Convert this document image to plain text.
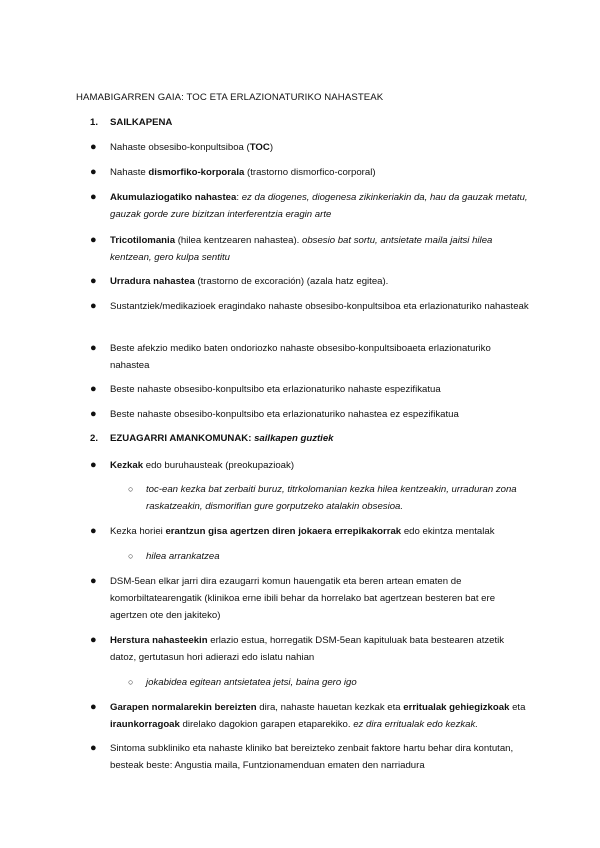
HAMABIGARREN GAIA: TOC ETA ERLAZIONATURIKO NAHASTEAK
1. SAILKAPENA
● Nahaste obsesibo-konpultsiboa (TOC)
● Nahaste dismorfiko-korporala (trastorno dismorfico-corporal)
● Akumulaziogatiko nahastea: ez da diogenes, diogenesa zikinkeriakin da, hau da gauzak metatu, gauzak gorde zure bizitzan interferentzia eragin arte
● Tricotilomania (hilea kentzearen nahastea). obsesio bat sortu, antsietate maila jaitsi hilea kentzean, gero kulpa sentitu
● Urradura nahastea (trastorno de excoración) (azala hatz egitea).
● Sustantziek/medikazioek eragindako nahaste obsesibo-konpultsiboa eta erlazionaturiko nahasteak
● Beste afekzio mediko baten ondoriozko nahaste obsesibo-konpultsiboaeta erlazionaturiko nahastea
● Beste nahaste obsesibo-konpultsibo eta erlazionaturiko nahaste espezifikatua
● Beste nahaste obsesibo-konpultsibo eta erlazionaturiko nahastea ez espezifikatua
2. EZUAGARRI AMANKOMUNAK: sailkapen guztiek
● Kezkak edo buruhausteak (preokupazioak)
○ toc-ean kezka bat zerbaiti buruz, titrkolomanian kezka hilea kentzeakin, urraduran zona raskatzeakin, dismorifian gure gorputzeko atalakin obsesioa.
● Kezka horiei erantzun gisa agertzen diren jokaera errepikakorrak edo ekintza mentalak
○ hilea arrankatzea
● DSM-5ean elkar jarri dira ezaugarri komun hauengatik eta beren artean ematen de komorbiltatearengatik (klinikoa erne ibili behar da horrelako bat agertzean besteren bat ere agertzen ote den jakiteko)
● Herstura nahasteekin erlazio estua, horregatik DSM-5ean kapituluak bata bestearen atzetik datoz, gertutasun hori adierazi edo islatu nahian
○ jokabidea egitean antsietatea jetsi, baina gero igo
● Garapen normalarekin bereizten dira, nahaste hauetan kezkak eta erritualak gehiegizkoak eta iraunkorragoak direlako dagokion garapen etaparekiko. ez dira erritualak edo kezkak.
● Sintoma subkliniko eta nahaste kliniko bat bereizteko zenbait faktore hartu behar dira kontutan, besteak beste: Angustia maila, Funtzionamenduan ematen den narriadura
